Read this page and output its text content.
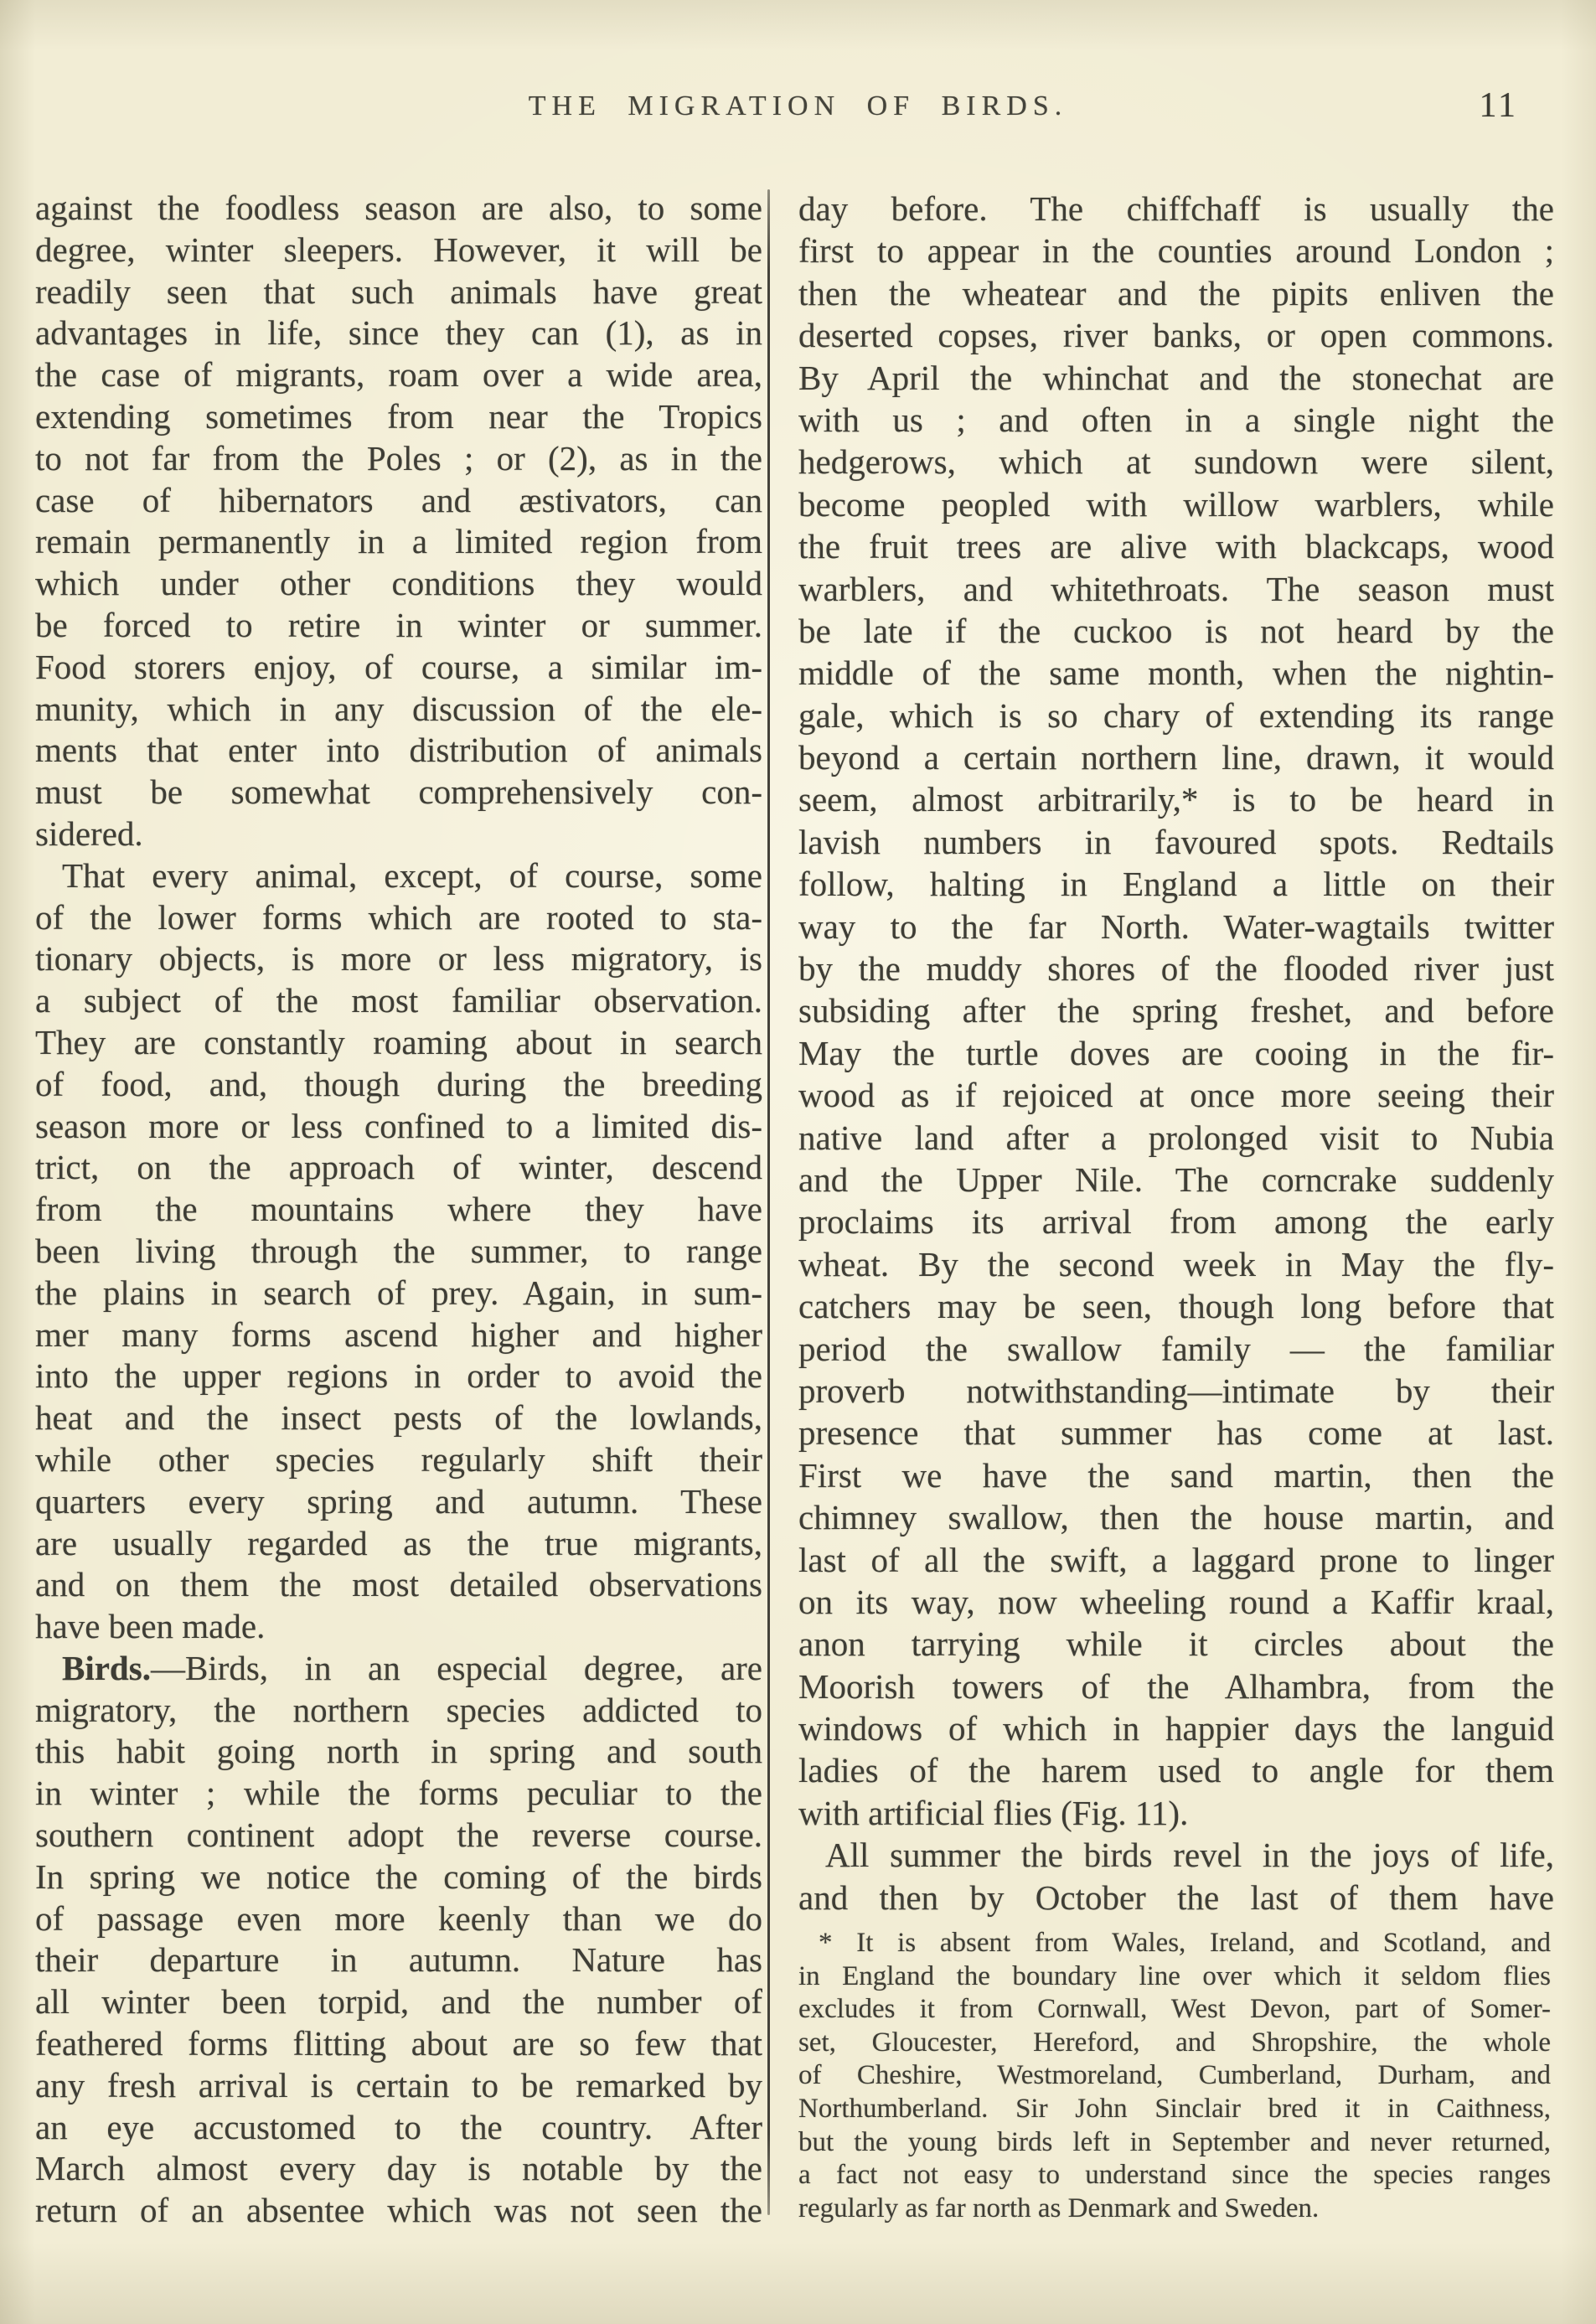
THE MIGRATION OF BIRDS.	11
against the foodless season are also, to some
degree, winter sleepers. However, it will be
readily seen that such animals have great
advantages in life, since they can (1), as in
the case of migrants, roam over a wide area,
extending sometimes from near the Tropics
to not far from the Poles ; or (2), as in the
case of hibernators and æstivators, can
remain permanently in a limited region from
which under other conditions they would
be forced to retire in winter or summer.
Food storers enjoy, of course, a similar im-
munity, which in any discussion of the ele-
ments that enter into distribution of animals
must be somewhat comprehensively con-
sidered.
That every animal, except, of course, some
of the lower forms which are rooted to sta-
tionary objects, is more or less migratory, is
a subject of the most familiar observation.
They are constantly roaming about in search
of food, and, though during the breeding
season more or less confined to a limited dis-
trict, on the approach of winter, descend
from the mountains where they have
been living through the summer, to range
the plains in search of prey. Again, in sum-
mer many forms ascend higher and higher
into the upper regions in order to avoid the
heat and the insect pests of the lowlands,
while other species regularly shift their
quarters every spring and autumn. These
are usually regarded as the true migrants,
and on them the most detailed observations
have been made.
Birds.—Birds, in an especial degree, are
migratory, the northern species addicted to
this habit going north in spring and south
in winter ; while the forms peculiar to the
southern continent adopt the reverse course.
In spring we notice the coming of the birds
of passage even more keenly than we do
their departure in autumn. Nature has
all winter been torpid, and the number of
feathered forms flitting about are so few that
any fresh arrival is certain to be remarked by
an eye accustomed to the country. After
March almost every day is notable by the
return of an absentee which was not seen the
day before. The chiffchaff is usually the
first to appear in the counties around London ;
then the wheatear and the pipits enliven the
deserted copses, river banks, or open commons.
By April the whinchat and the stonechat are
with us ; and often in a single night the
hedgerows, which at sundown were silent,
become peopled with willow warblers, while
the fruit trees are alive with blackcaps, wood
warblers, and whitethroats. The season must
be late if the cuckoo is not heard by the
middle of the same month, when the nightin-
gale, which is so chary of extending its range
beyond a certain northern line, drawn, it would
seem, almost arbitrarily,* is to be heard in
lavish numbers in favoured spots. Redtails
follow, halting in England a little on their
way to the far North. Water-wagtails twitter
by the muddy shores of the flooded river just
subsiding after the spring freshet, and before
May the turtle doves are cooing in the fir-
wood as if rejoiced at once more seeing their
native land after a prolonged visit to Nubia
and the Upper Nile. The corncrake suddenly
proclaims its arrival from among the early
wheat. By the second week in May the fly-
catchers may be seen, though long before that
period the swallow family — the familiar
proverb notwithstanding—intimate by their
presence that summer has come at last.
First we have the sand martin, then the
chimney swallow, then the house martin, and
last of all the swift, a laggard prone to linger
on its way, now wheeling round a Kaffir kraal,
anon tarrying while it circles about the
Moorish towers of the Alhambra, from the
windows of which in happier days the languid
ladies of the harem used to angle for them
with artificial flies (Fig. 11).
All summer the birds revel in the joys of life,
and then by October the last of them have
* It is absent from Wales, Ireland, and Scotland, and
in England the boundary line over which it seldom flies
excludes it from Cornwall, West Devon, part of Somer-
set, Gloucester, Hereford, and Shropshire, the whole
of Cheshire, Westmoreland, Cumberland, Durham, and
Northumberland. Sir John Sinclair bred it in Caithness,
but the young birds left in September and never returned,
a fact not easy to understand since the species ranges
regularly as far north as Denmark and Sweden.
